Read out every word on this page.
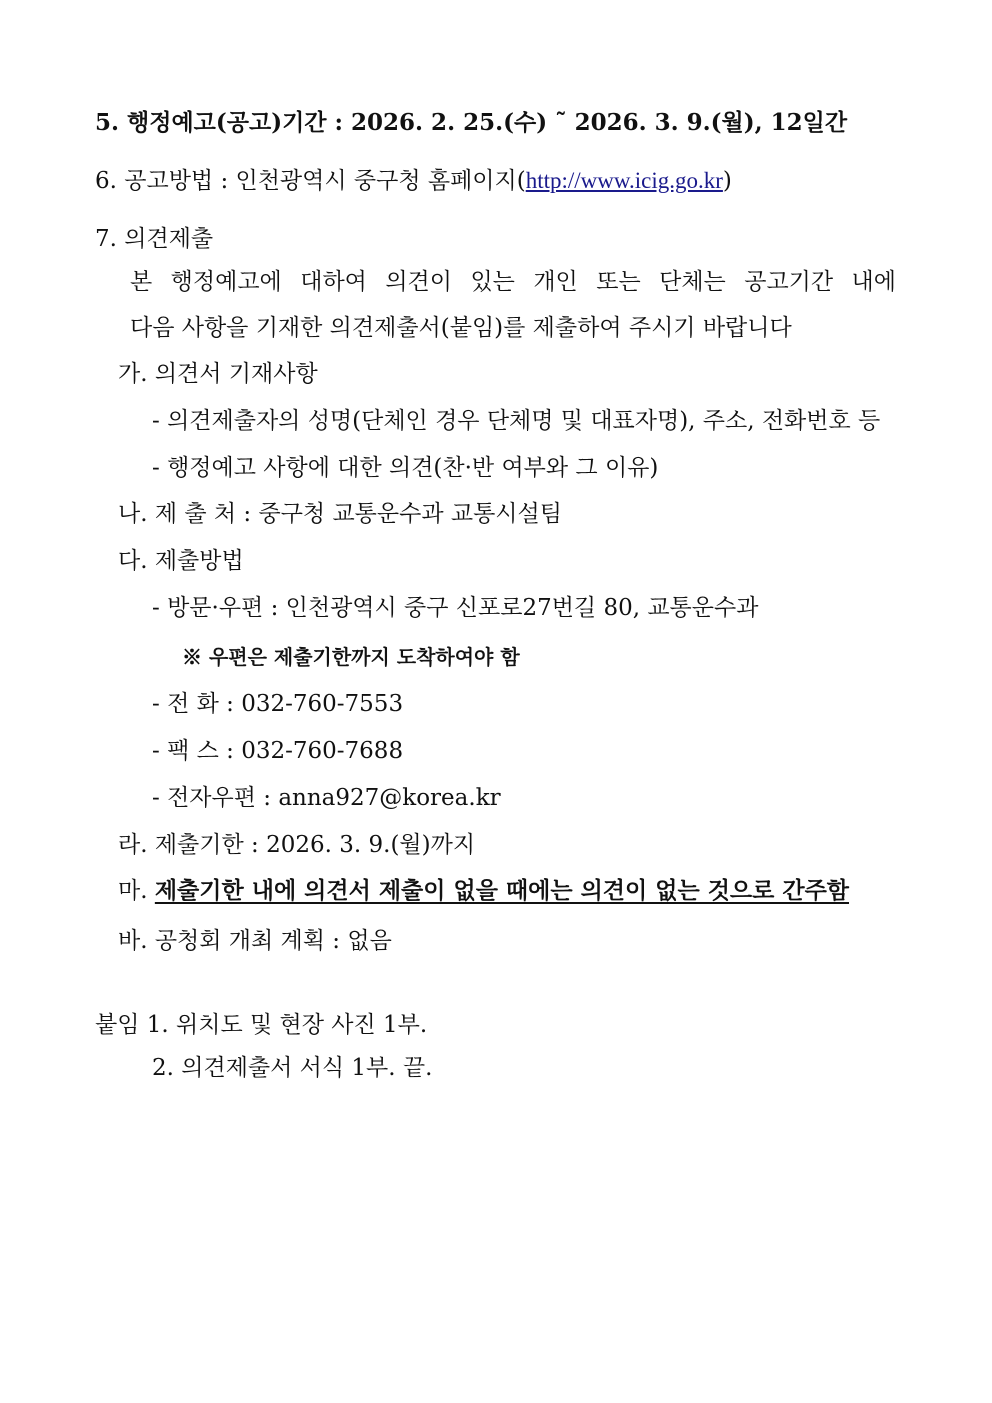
5. 행정예고(공고)기간 : 2026. 2. 25.(수) ˜ 2026. 3. 9.(월), 12일간
6. 공고방법 : 인천광역시 중구청 홈페이지(http://www.icig.go.kr)
7. 의견제출
본 행정예고에 대하여 의견이 있는 개인 또는 단체는 공고기간 내에
다음 사항을 기재한 의견제출서(붙임)를 제출하여 주시기 바랍니다
가. 의견서 기재사항
- 의견제출자의 성명(단체인 경우 단체명 및 대표자명), 주소, 전화번호 등
- 행정예고 사항에 대한 의견(찬·반 여부와 그 이유)
나. 제 출 처 : 중구청 교통운수과 교통시설팀
다. 제출방법
- 방문·우편 : 인천광역시 중구 신포로27번길 80, 교통운수과
※ 우편은 제출기한까지 도착하여야 함
- 전 화 : 032-760-7553
- 팩 스 : 032-760-7688
- 전자우편 : anna927@korea.kr
라. 제출기한 : 2026. 3. 9.(월)까지
마. 제출기한 내에 의견서 제출이 없을 때에는 의견이 없는 것으로 간주함
바. 공청회 개최 계획 : 없음
붙임 1. 위치도 및 현장 사진 1부.
2. 의견제출서 서식 1부. 끝.
